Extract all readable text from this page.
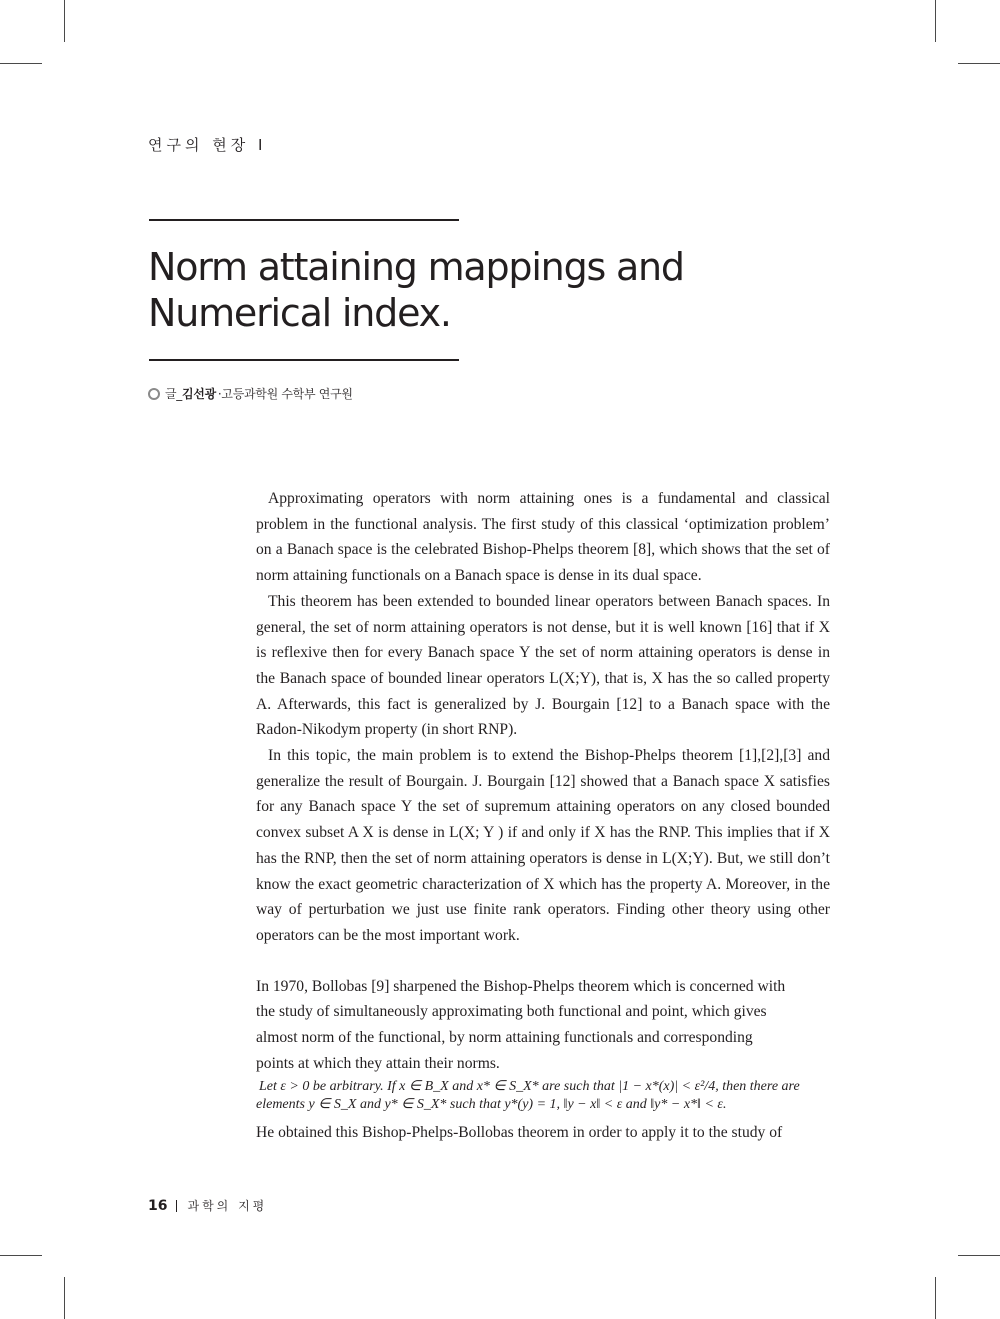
연구의 현장 I
Norm attaining mappings and
Numerical index.
글_ 김선광 ·고등과학원 수학부 연구원

Approximating operators with norm attaining ones is a fundamental and classical problem in the functional analysis. The first study of this classical ‘optimization problem’ on a Banach space is the celebrated Bishop-Phelps theorem [8], which shows that the set of norm attaining functionals on a Banach space is dense in its dual space.

This theorem has been extended to bounded linear operators between Banach spaces. In general, the set of norm attaining operators is not dense, but it is well known [16] that if X is reflexive then for every Banach space Y the set of norm attaining operators is dense in the Banach space of bounded linear operators L(X;Y), that is, X has the so called property A. Afterwards, this fact is generalized by J. Bourgain [12] to a Banach space with the Radon-Nikodym property (in short RNP).

In this topic, the main problem is to extend the Bishop-Phelps theorem [1],[2],[3] and generalize the result of Bourgain. J. Bourgain [12] showed that a Banach space X satisfies for any Banach space Y the set of supremum attaining operators on any closed bounded convex subset A X is dense in L(X; Y ) if and only if X has the RNP. This implies that if X has the RNP, then the set of norm attaining operators is dense in L(X;Y). But, we still don’t know the exact geometric characterization of X which has the property A. Moreover, in the way of perturbation we just use finite rank operators. Finding other theory using other operators can be the most important work.

In 1970, Bollobas [9] sharpened the Bishop-Phelps theorem which is concerned with the study of simultaneously approximating both functional and point, which gives almost norm of the functional, by norm attaining functionals and corresponding points at which they attain their norms.

Let ε > 0 be arbitrary. If x ∈ B_X and x* ∈ S_X* are such that |1 − x*(x)| < ε²/4, then there are
elements y ∈ S_X and y* ∈ S_X* such that y*(y) = 1, ‖y − x‖ < ε and ‖y* − x*‖ < ε.

He obtained this Bishop-Phelps-Bollobas theorem in order to apply it to the study of

16 과학의 지평
